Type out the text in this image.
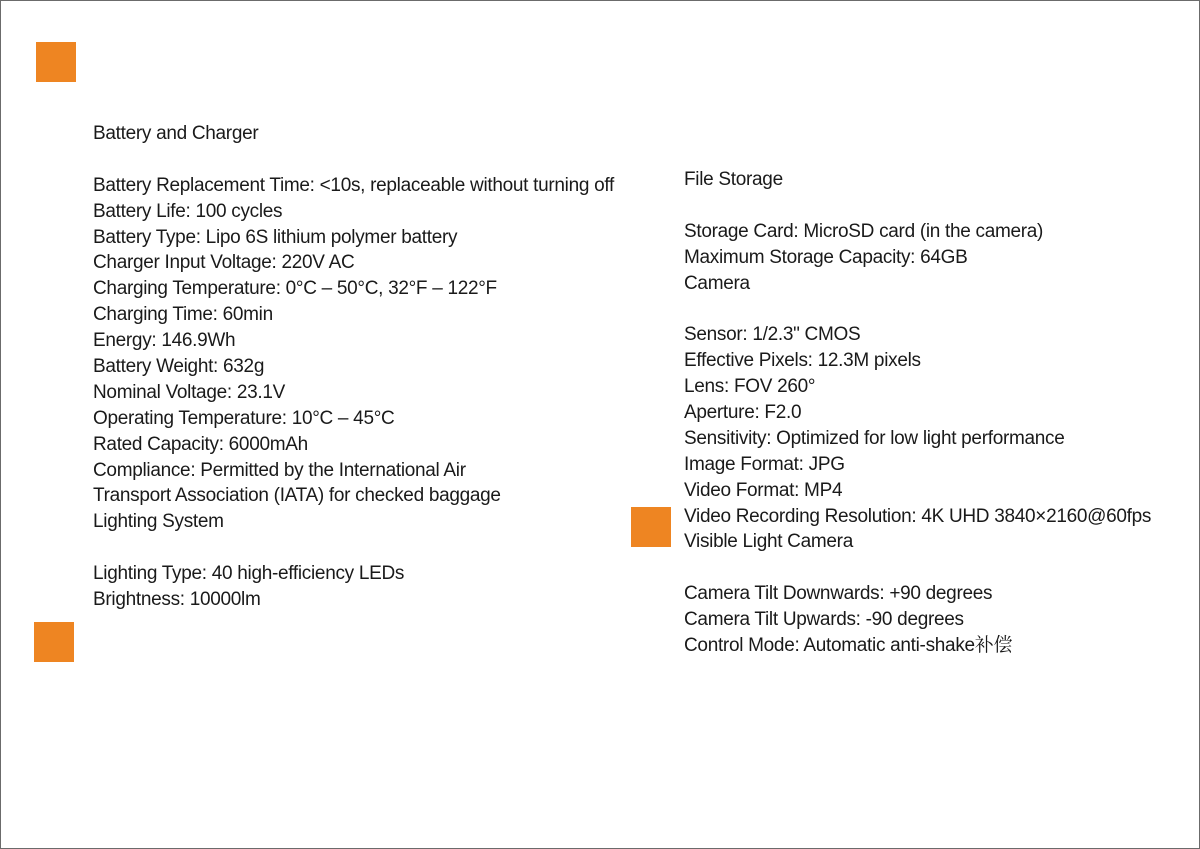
Battery and Charger
Battery Replacement Time: <10s, replaceable without turning off
Battery Life: 100 cycles
Battery Type: Lipo 6S lithium polymer battery
Charger Input Voltage: 220V AC
Charging Temperature: 0°C – 50°C, 32°F – 122°F
Charging Time: 60min
Energy: 146.9Wh
Battery Weight: 632g
Nominal Voltage: 23.1V
Operating Temperature: 10°C – 45°C
Rated Capacity: 6000mAh
Compliance: Permitted by the International Air
Transport Association (IATA) for checked baggage
Lighting System
Lighting Type: 40 high-efficiency LEDs
Brightness: 10000lm
File Storage
Storage Card: MicroSD card (in the camera)
Maximum Storage Capacity: 64GB
Camera
Sensor: 1/2.3" CMOS
Effective Pixels: 12.3M pixels
Lens: FOV 260°
Aperture: F2.0
Sensitivity: Optimized for low light performance
Image Format: JPG
Video Format: MP4
Video Recording Resolution: 4K UHD 3840×2160@60fps
Visible Light Camera
Camera Tilt Downwards: +90 degrees
Camera Tilt Upwards: -90 degrees
Control Mode: Automatic anti-shake补偿
